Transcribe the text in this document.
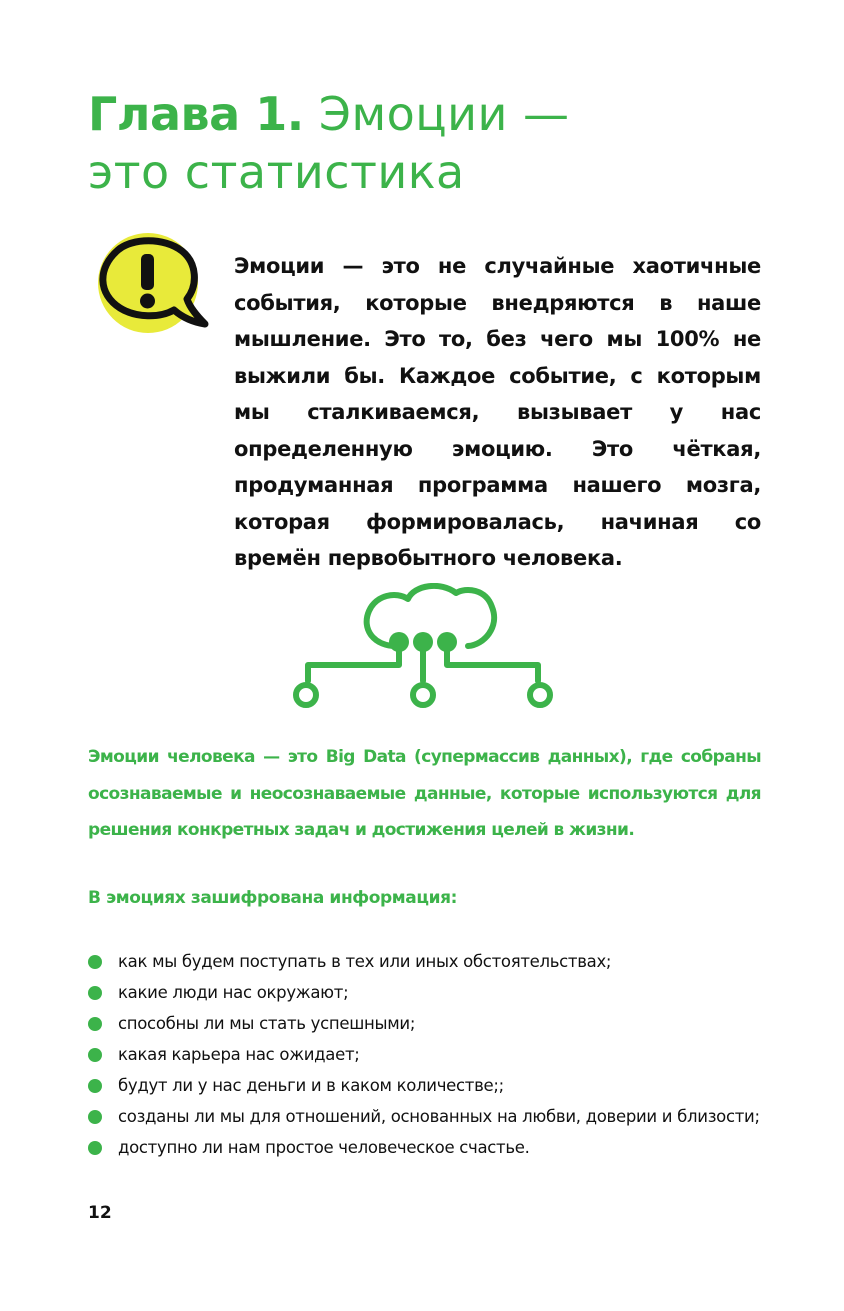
Глава 1. Эмоции —
это статистика

Эмоции — это не случайные хаотичные события, которые внедряются в наше мышление. Это то, без чего мы 100% не выжили бы. Каждое событие, с которым мы сталкиваемся, вызывает у нас определенную эмоцию. Это чёткая, продуманная программа нашего мозга, которая формировалась, начиная со времён первобытного человека.

Эмоции человека — это Big Data (супермассив данных), где собраны осознаваемые и неосознаваемые данные, которые используются для решения конкретных задач и достижения целей в жизни.

В эмоциях зашифрована информация:

как мы будем поступать в тех или иных обстоятельствах;
какие люди нас окружают;
способны ли мы стать успешными;
какая карьера нас ожидает;
будут ли у нас деньги и в каком количестве;;
созданы ли мы для отношений, основанных на любви, доверии и близости;
доступно ли нам простое человеческое счастье.

12
